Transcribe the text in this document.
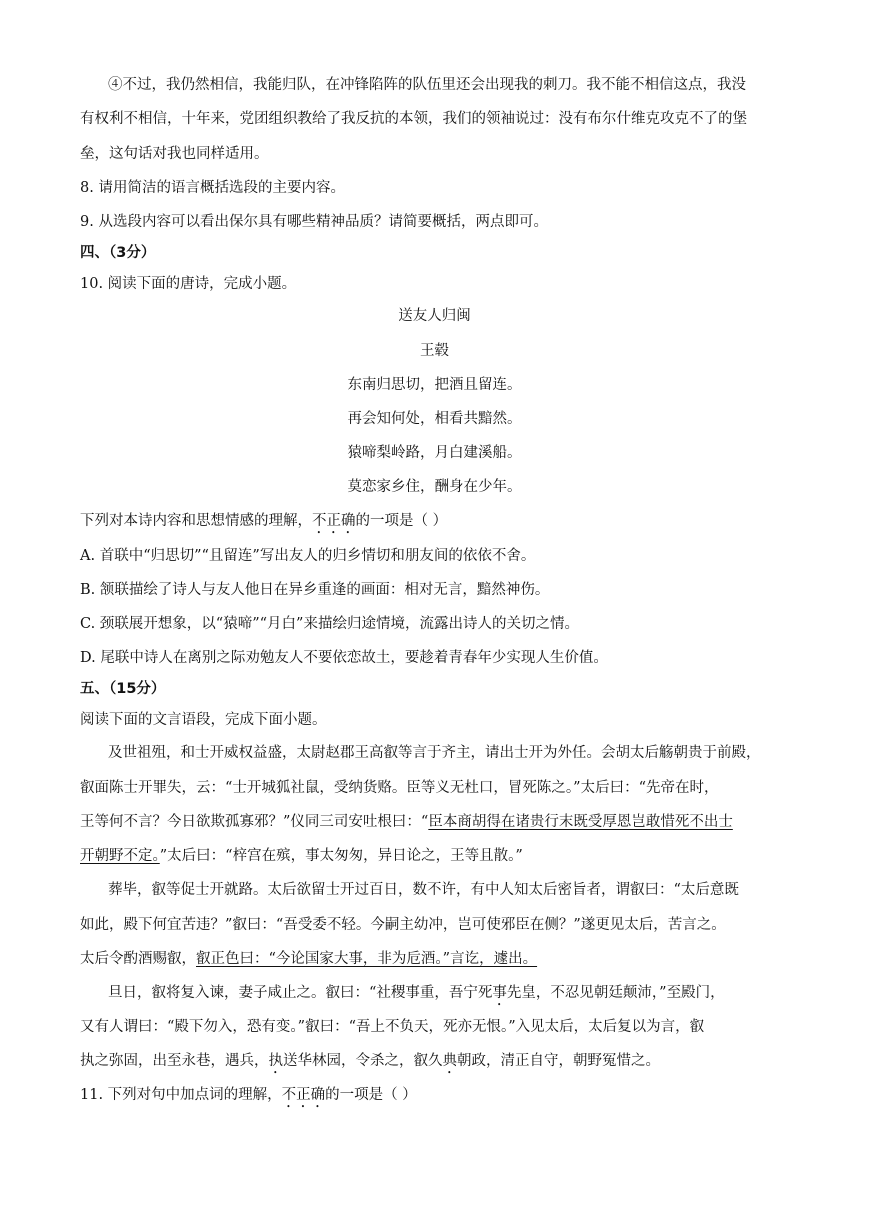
④不过，我仍然相信，我能归队，在冲锋陷阵的队伍里还会出现我的刺刀。我不能不相信这点，我没
有权利不相信，十年来，党团组织教给了我反抗的本领，我们的领袖说过：没有布尔什维克攻克不了的堡
垒，这句话对我也同样适用。
8. 请用简洁的语言概括选段的主要内容。
9. 从选段内容可以看出保尔具有哪些精神品质？请简要概括，两点即可。
四、（3分）
10. 阅读下面的唐诗，完成小题。
送友人归闽
王毂
东南归思切，把酒且留连。
再会知何处，相看共黯然。
猿啼梨岭路，月白建溪船。
莫恋家乡住，酬身在少年。
下列对本诗内容和思想情感的理解，不正确的一项是（ ）
A. 首联中“归思切”“且留连”写出友人的归乡情切和朋友间的依依不舍。
B. 颔联描绘了诗人与友人他日在异乡重逢的画面：相对无言，黯然神伤。
C. 颈联展开想象，以“猿啼”“月白”来描绘归途情境，流露出诗人的关切之情。
D. 尾联中诗人在离别之际劝勉友人不要依恋故土，要趁着青春年少实现人生价值。
五、（15分）
阅读下面的文言语段，完成下面小题。
及世祖殂，和士开威权益盛，太尉赵郡王高叡等言于齐主，请出士开为外任。会胡太后觞朝贵于前殿，
叡面陈士开罪失，云：“士开城狐社鼠，受纳货赂。臣等义无杜口，冒死陈之。”太后曰：“先帝在时，
王等何不言？今日欲欺孤寡邪？”仪同三司安吐根曰：“臣本商胡得在诸贵行末既受厚恩岂敢惜死不出士
开朝野不定。”太后曰：“梓宫在殡，事太匆匆，异日论之，王等且散。”
葬毕，叡等促士开就路。太后欲留士开过百日，数不许，有中人知太后密旨者，谓叡曰：“太后意既
如此，殿下何宜苦违？”叡曰：“吾受委不轻。今嗣主幼冲，岂可使邪臣在侧？”遂更见太后，苦言之。
太后令酌酒赐叡，叡正色曰：“今论国家大事，非为卮酒。”言讫，遽出。
旦日，叡将复入谏，妻子咸止之。叡曰：“社稷事重，吾宁死事先皇，不忍见朝廷颠沛，”至殿门，
又有人谓曰：“殿下勿入，恐有变。”叡曰：“吾上不负天，死亦无恨。”入见太后，太后复以为言，叡
执之弥固，出至永巷，遇兵，执送华林园，令杀之，叡久典朝政，清正自守，朝野冤惜之。
11. 下列对句中加点词的理解，不正确的一项是（ ）
